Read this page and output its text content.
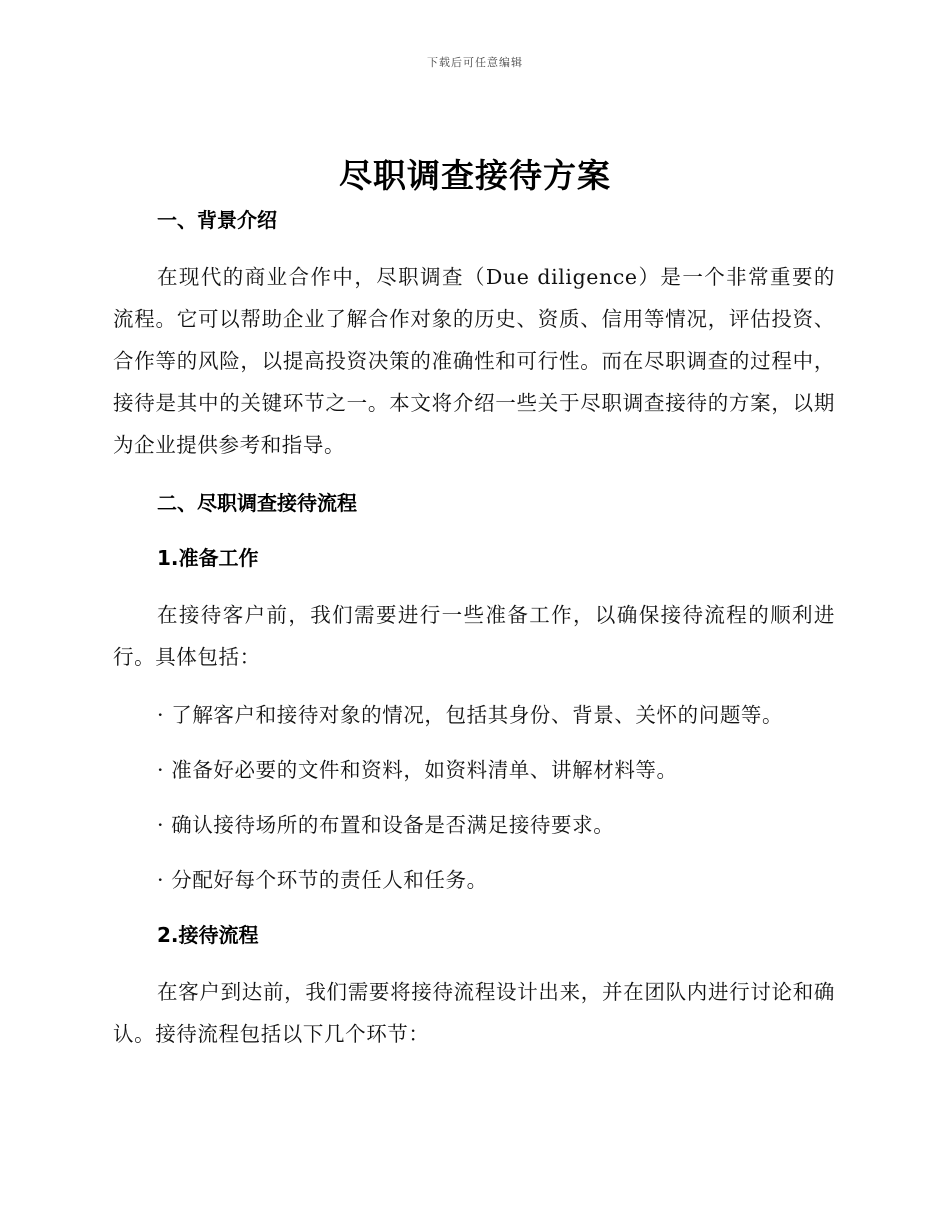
下载后可任意编辑
尽职调查接待方案

一、背景介绍

在现代的商业合作中，尽职调查（Due diligence）是一个非常重要的流程。它可以帮助企业了解合作对象的历史、资质、信用等情况，评估投资、合作等的风险，以提高投资决策的准确性和可行性。而在尽职调查的过程中，接待是其中的关键环节之一。本文将介绍一些关于尽职调查接待的方案，以期为企业提供参考和指导。

二、尽职调查接待流程

1.准备工作

在接待客户前，我们需要进行一些准备工作，以确保接待流程的顺利进行。具体包括：

· 了解客户和接待对象的情况，包括其身份、背景、关怀的问题等。

· 准备好必要的文件和资料，如资料清单、讲解材料等。

· 确认接待场所的布置和设备是否满足接待要求。

· 分配好每个环节的责任人和任务。

2.接待流程

在客户到达前，我们需要将接待流程设计出来，并在团队内进行讨论和确认。接待流程包括以下几个环节：
